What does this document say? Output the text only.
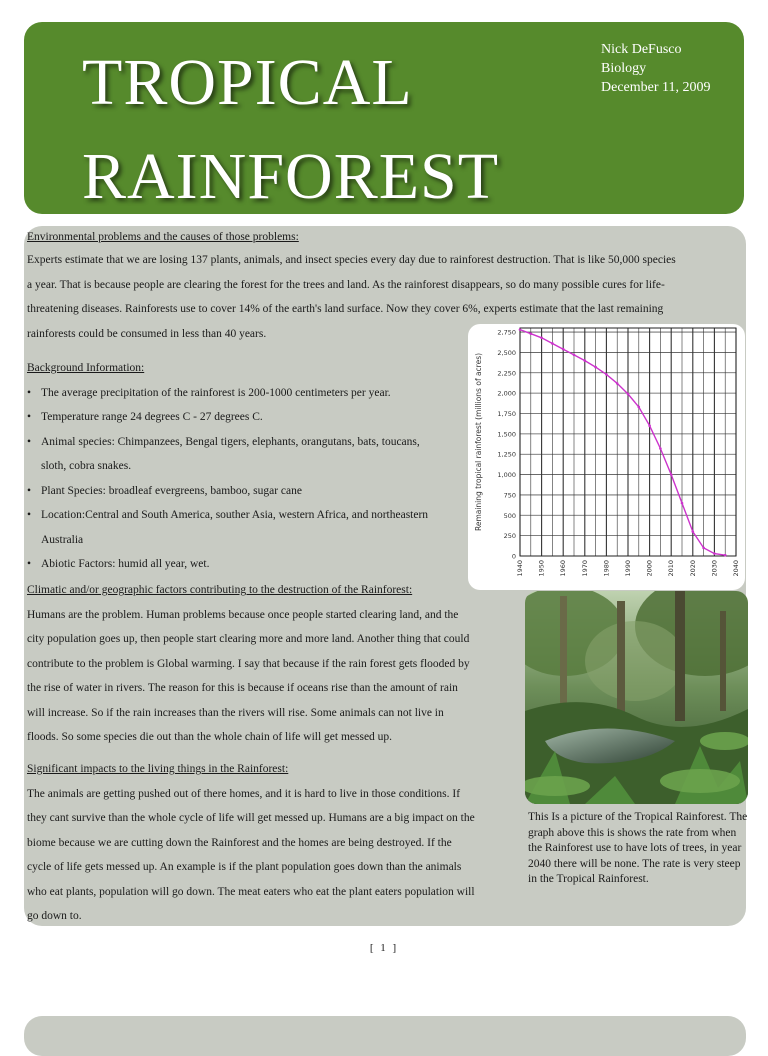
TROPICAL
RAINFOREST
Nick DeFusco
Biology
December 11, 2009
Environmental problems and the causes of those problems:
Experts estimate that we are losing 137 plants, animals, and insect species every day due to rainforest destruction. That is like 50,000 species
a year. That is because people are clearing the forest for the trees and land. As the rainforest disappears, so do many possible cures for life-
threatening diseases. Rainforests use to cover 14% of the earth's land surface. Now they cover 6%, experts estimate that the last remaining
rainforests could be consumed in less than 40 years.
Background Information:
• The average precipitation of the rainforest is 200-1000 centimeters per year.
• Temperature range 24 degrees C - 27 degrees C.
• Animal species: Chimpanzees, Bengal tigers, elephants, orangutans, bats, toucans,
sloth, cobra snakes.
• Plant Species: broadleaf evergreens, bamboo, sugar cane
• Location:Central and South America, souther Asia, western Africa, and northeastern
Australia
• Abiotic Factors: humid all year, wet.
Climatic and/or geographic factors contributing to the destruction of the Rainforest:
Humans are the problem. Human problems because once people started clearing land, and the
city population goes up, then people start clearing more and more land. Another thing that could
contribute to the problem is Global warming. I say that because if the rain forest gets flooded by
the rise of water in rivers. The reason for this is because if oceans rise than the amount of rain
will increase. So if the rain increases than the rivers will rise. Some animals can not live in
floods. So some species die out than the whole chain of life will get messed up.
Significant impacts to the living things in the Rainforest:
The animals are getting pushed out of there homes, and it is hard to live in those conditions. If
they cant survive than the whole cycle of life will get messed up. Humans are a big impact on the
biome because we are cutting down the Rainforest and the homes are being destroyed. If the
cycle of life gets messed up. An example is if the plant population goes down than the animals
who eat plants, population will go down. The meat eaters who eat the plant eaters population will
go down to.
0
250
500
750
1,000
1,250
1,500
1,750
2,000
2,250
2,500
2,750
1940 1950 1960 1970 1980 1990 2000 2010 2020 2030 2040
Remaining tropical rainforest (millions of acres)
This Is a picture of the Tropical Rainforest. The graph above this is shows the rate from when the Rainforest use to have lots of trees, in year 2040 there will be none. The rate is very steep in the Tropical Rainforest.
[ 1 ]
